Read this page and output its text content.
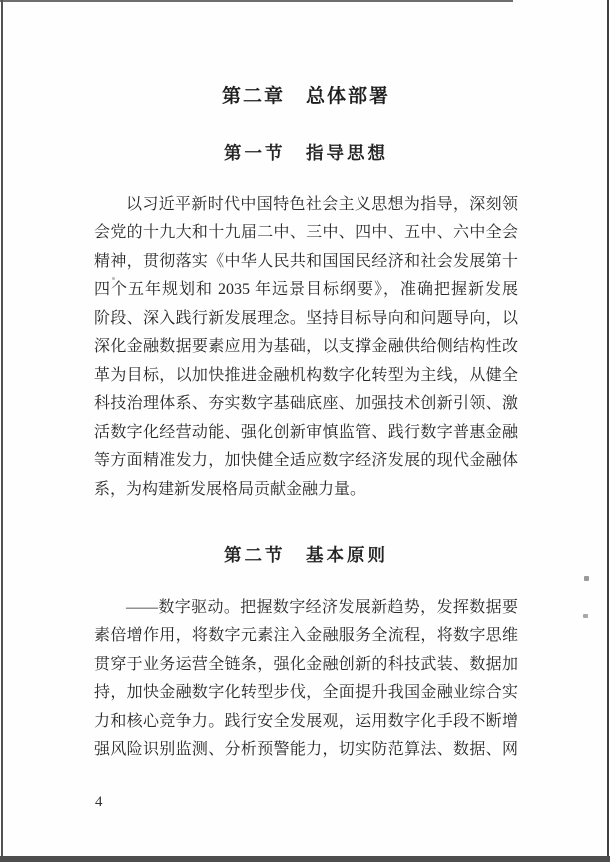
第二章　总体部署
第一节　指导思想
以习近平新时代中国特色社会主义思想为指导，深刻领
会党的十九大和十九届二中、三中、四中、五中、六中全会
精神，贯彻落实《中华人民共和国国民经济和社会发展第十
四个五年规划和 2035 年远景目标纲要》，准确把握新发展
阶段、深入践行新发展理念。坚持目标导向和问题导向，以
深化金融数据要素应用为基础，以支撑金融供给侧结构性改
革为目标，以加快推进金融机构数字化转型为主线，从健全
科技治理体系、夯实数字基础底座、加强技术创新引领、激
活数字化经营动能、强化创新审慎监管、践行数字普惠金融
等方面精准发力，加快健全适应数字经济发展的现代金融体
系，为构建新发展格局贡献金融力量。
第二节　基本原则
——数字驱动。把握数字经济发展新趋势，发挥数据要
素倍增作用，将数字元素注入金融服务全流程，将数字思维
贯穿于业务运营全链条，强化金融创新的科技武装、数据加
持，加快金融数字化转型步伐，全面提升我国金融业综合实
力和核心竞争力。践行安全发展观，运用数字化手段不断增
强风险识别监测、分析预警能力，切实防范算法、数据、网
4
